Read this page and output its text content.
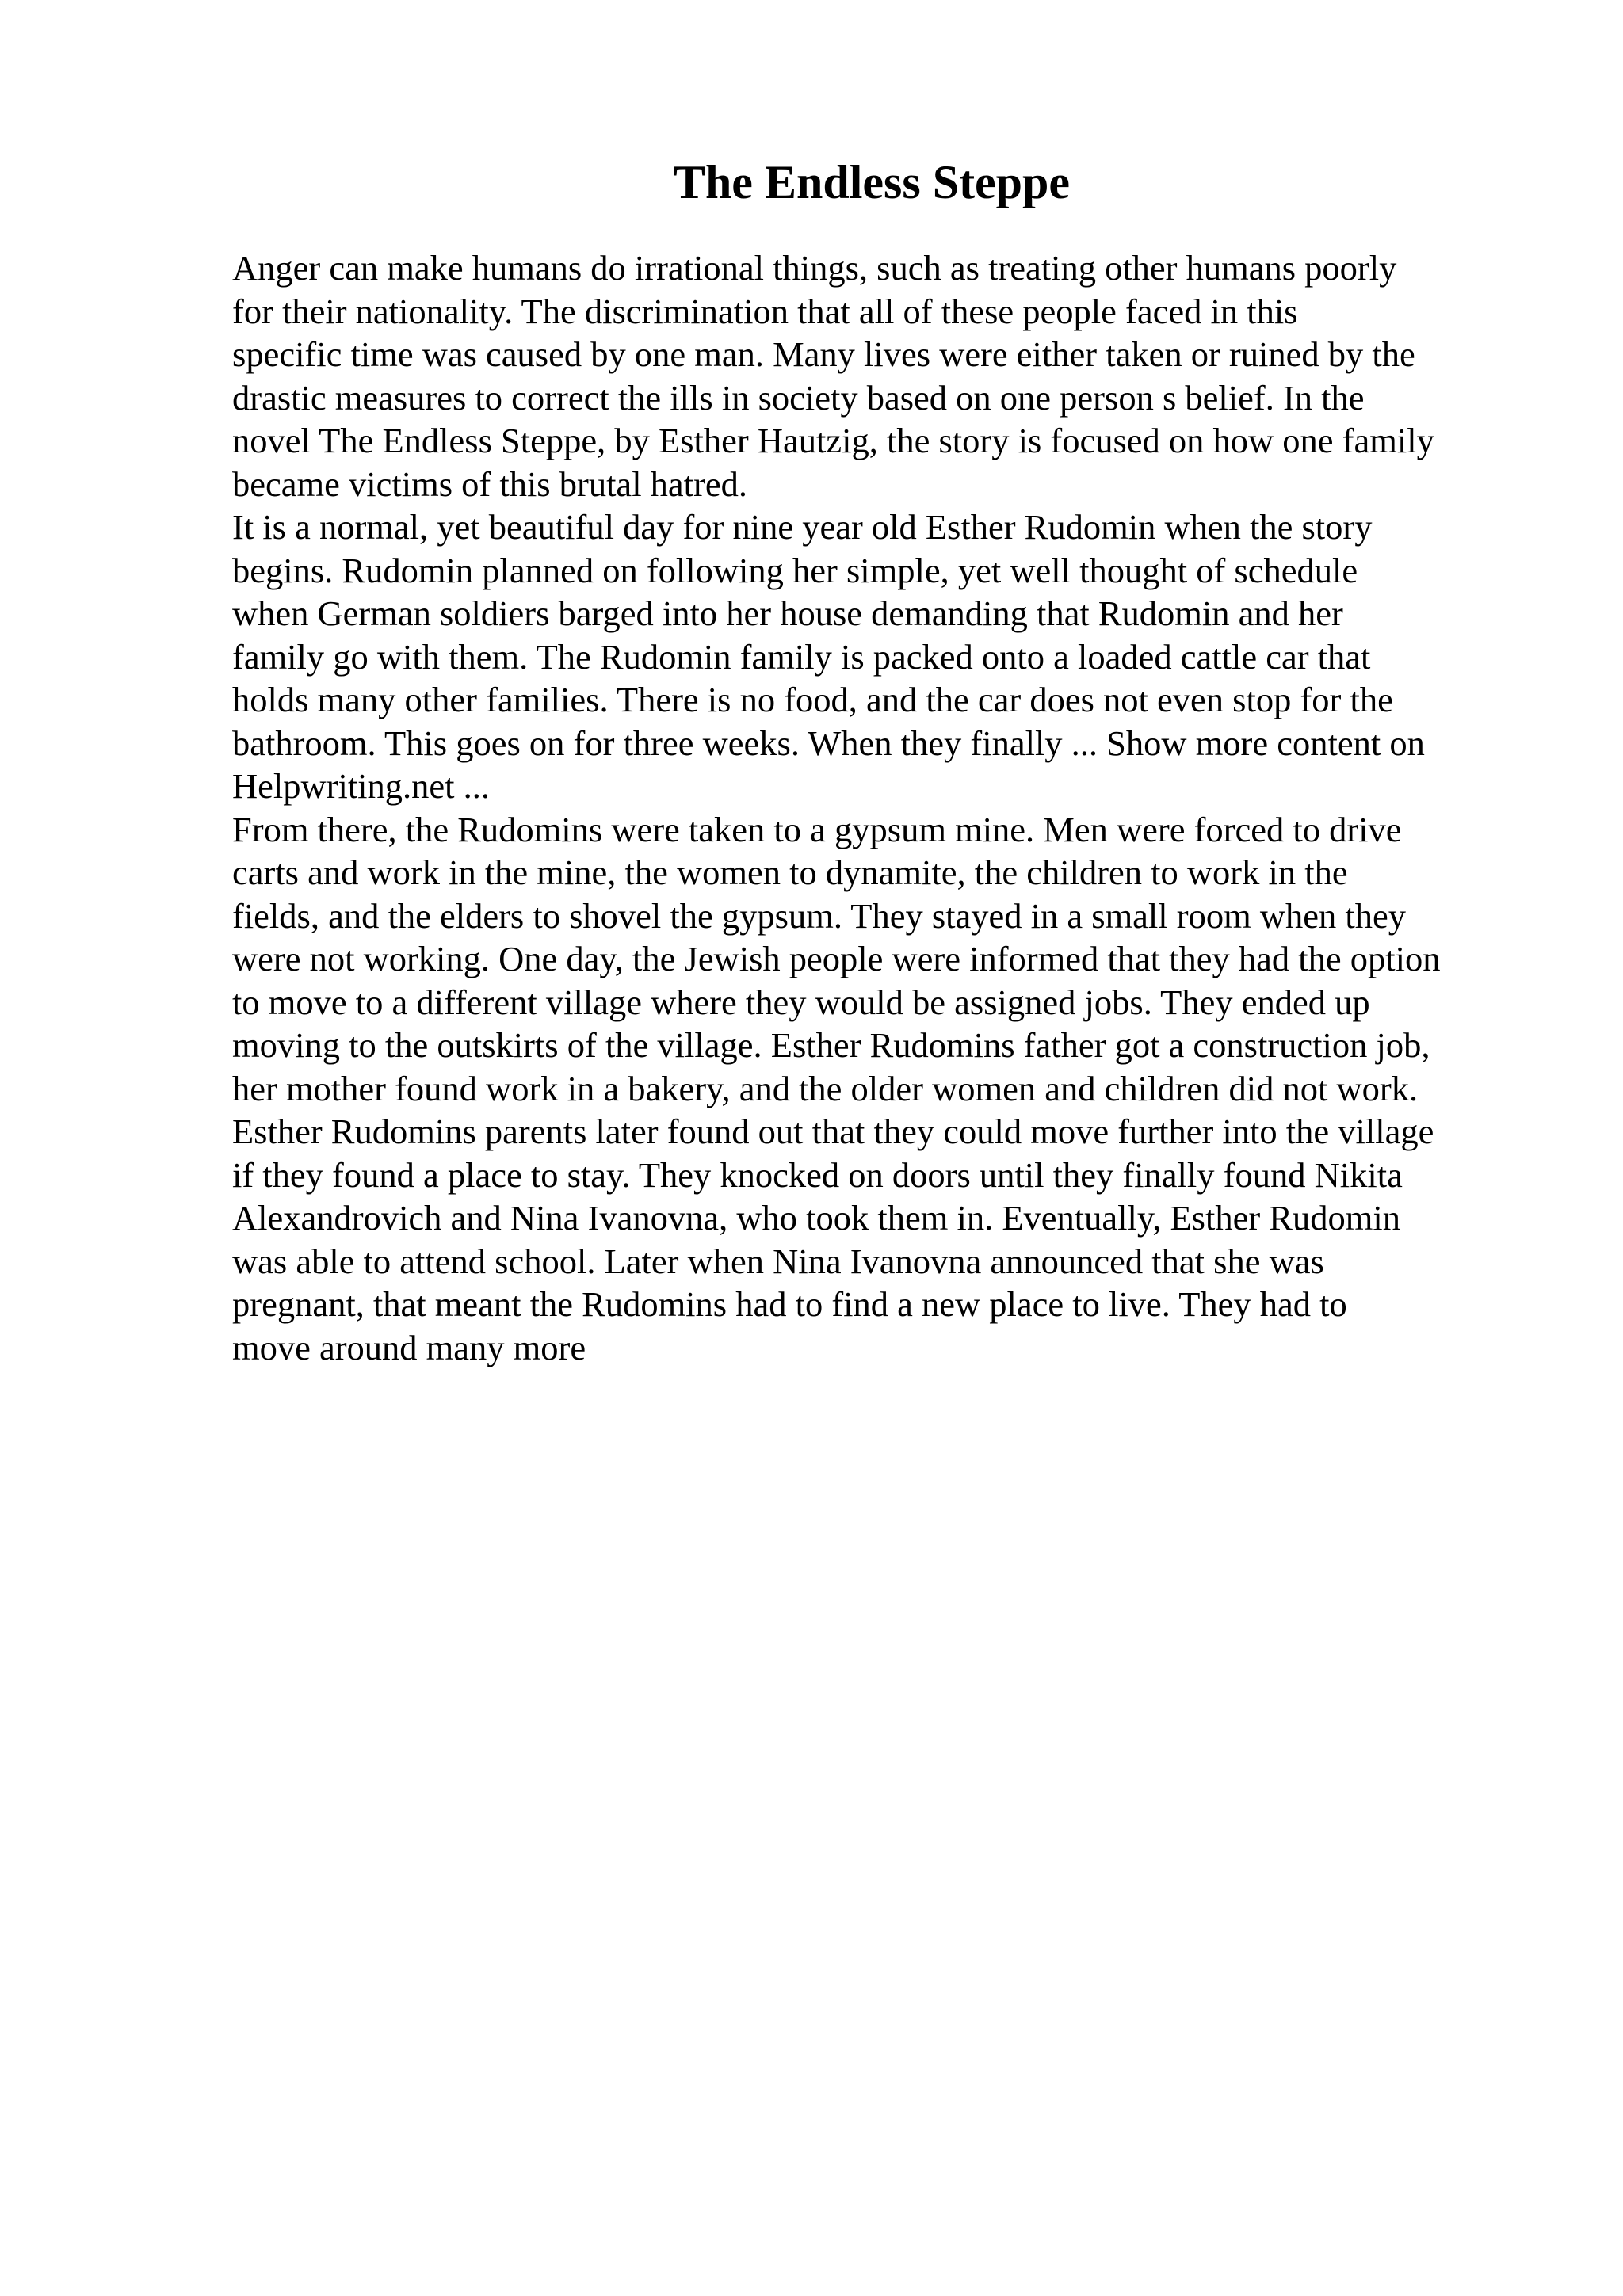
The Endless Steppe
Anger can make humans do irrational things, such as treating other humans poorly
for their nationality. The discrimination that all of these people faced in this
specific time was caused by one man. Many lives were either taken or ruined by the
drastic measures to correct the ills in society based on one person s belief. In the
novel The Endless Steppe, by Esther Hautzig, the story is focused on how one family
became victims of this brutal hatred.
It is a normal, yet beautiful day for nine year old Esther Rudomin when the story
begins. Rudomin planned on following her simple, yet well thought of schedule
when German soldiers barged into her house demanding that Rudomin and her
family go with them. The Rudomin family is packed onto a loaded cattle car that
holds many other families. There is no food, and the car does not even stop for the
bathroom. This goes on for three weeks. When they finally ... Show more content on
Helpwriting.net ...
From there, the Rudomins were taken to a gypsum mine. Men were forced to drive
carts and work in the mine, the women to dynamite, the children to work in the
fields, and the elders to shovel the gypsum. They stayed in a small room when they
were not working. One day, the Jewish people were informed that they had the option
to move to a different village where they would be assigned jobs. They ended up
moving to the outskirts of the village. Esther Rudomins father got a construction job,
her mother found work in a bakery, and the older women and children did not work.
Esther Rudomins parents later found out that they could move further into the village
if they found a place to stay. They knocked on doors until they finally found Nikita
Alexandrovich and Nina Ivanovna, who took them in. Eventually, Esther Rudomin
was able to attend school. Later when Nina Ivanovna announced that she was
pregnant, that meant the Rudomins had to find a new place to live. They had to
move around many more
